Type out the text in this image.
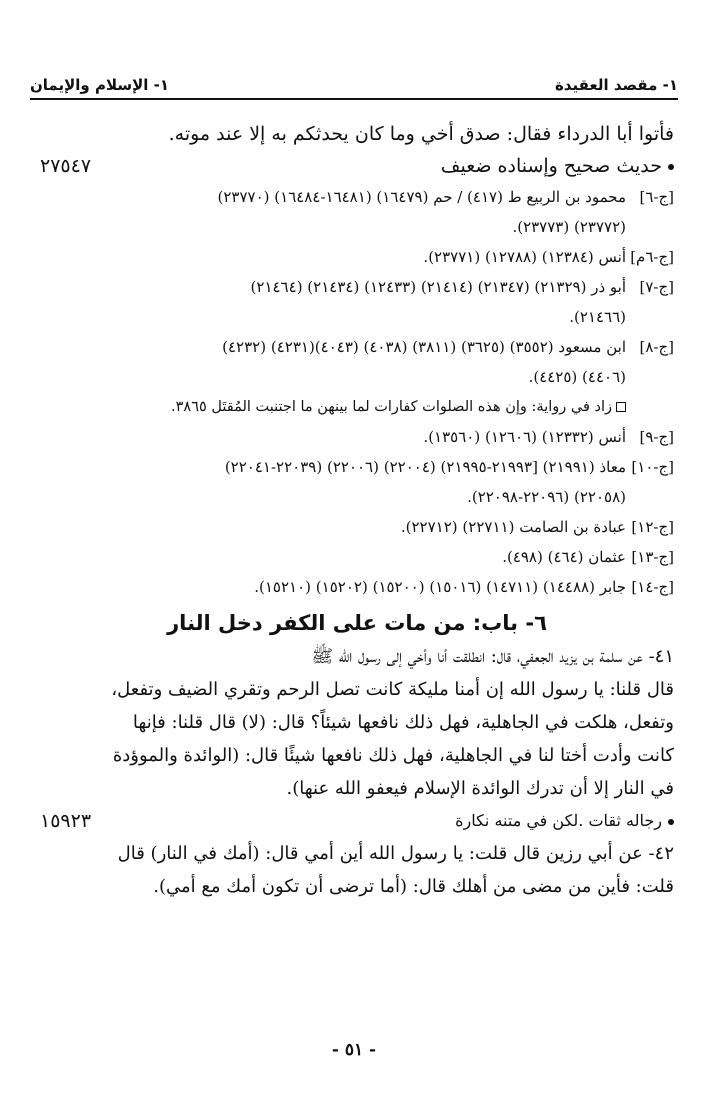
١- مقصد العقيدة
١- الإسلام والإيمان
فأتوا أبا الدرداء فقال: صدق أخي وما كان يحدثكم به إلا عند موته.
حديث صحيح وإسناده ضعيف
٢٧٥٤٧
[ج-٦]
محمود بن الربيع ط (٤١٧) / حم (١٦٤٧٩) (١٦٤٨١-١٦٤٨٤) (٢٣٧٧٠)
(٢٣٧٧٢) (٢٣٧٧٣).
[ج-٦م]
أنس (١٢٣٨٤) (١٢٧٨٨) (٢٣٧٧١).
[ج-٧]
أبو ذر (٢١٣٢٩) (٢١٣٤٧) (٢١٤١٤) (١٢٤٣٣) (٢١٤٣٤) (٢١٤٦٤)
(٢١٤٦٦).
[ج-٨]
ابن مسعود (٣٥٥٢) (٣٦٢٥) (٣٨١١) (٤٠٣٨) (٤٠٤٣)(٤٢٣١) (٤٢٣٢)
(٤٤٠٦) (٤٤٢٥).
زاد في رواية: وإن هذه الصلوات كفارات لما بينهن ما اجتنبت المُقتَل ٣٨٦٥.
[ج-٩]
أنس (١٢٣٣٢) (١٢٦٠٦) (١٣٥٦٠).
[ج-١٠]
معاذ (٢١٩٩١) [٢١٩٩٣-٢١٩٩٥) (٢٢٠٠٤) (٢٢٠٠٦) (٢٢٠٣٩-٢٢٠٤١)
(٢٢٠٥٨) (٢٢٠٩٦-٢٢٠٩٨).
[ج-١٢]
عبادة بن الصامت (٢٢٧١١) (٢٢٧١٢).
[ج-١٣]
عثمان (٤٦٤) (٤٩٨).
[ج-١٤]
جابر (١٤٤٨٨) (١٤٧١١) (١٥٠١٦) (١٥٢٠٠) (١٥٢٠٢) (١٥٢١٠).
٦- باب: من مات على الكفر دخل النار
٤١- عن سلمة بن يزيد الجعفي، قال: انطلقت أنا وأخي إلى رسول الله ﷺ
قال قلنا: يا رسول الله إن أمنا مليكة كانت تصل الرحم وتقري الضيف وتفعل،
وتفعل، هلكت في الجاهلية، فهل ذلك نافعها شيئاً؟ قال: (لا) قال قلنا: فإنها
كانت وأدت أختا لنا في الجاهلية، فهل ذلك نافعها شيئًا قال: (الوائدة والموؤدة
في النار إلا أن تدرك الوائدة الإسلام فيعفو الله عنها).
رجاله ثقات .لكن في متنه نكارة
١٥٩٢٣
٤٢- عن أبي رزين قال قلت: يا رسول الله أين أمي قال: (أمك في النار) قال
قلت: فأين من مضى من أهلك قال: (أما ترضى أن تكون أمك مع أمي).
- ٥١ -
